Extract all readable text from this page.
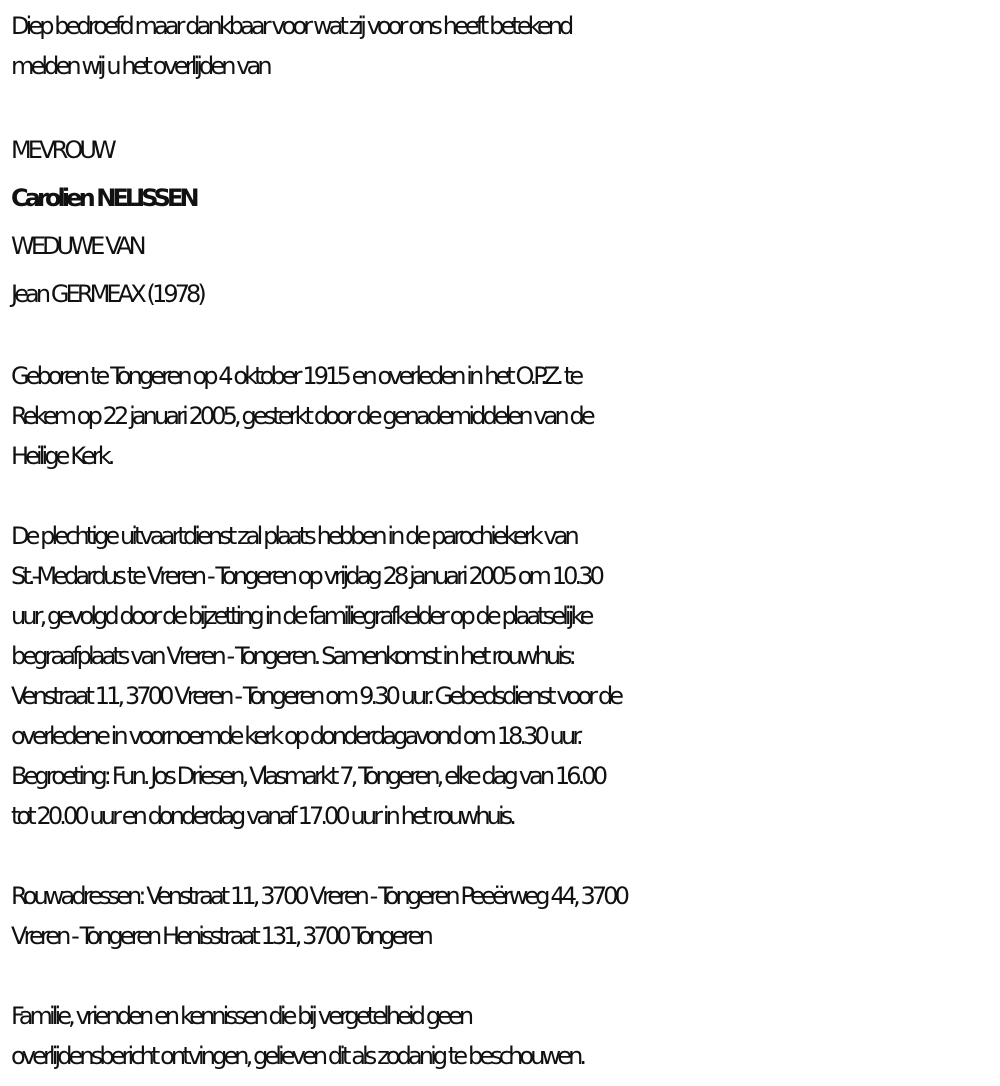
Diep bedroefd maar dankbaar voor wat zij voor ons heeft betekend
melden wij u het overlijden van
MEVROUW
Carolien NELISSEN
WEDUWE VAN
Jean GERMEAX (1978)
Geboren te Tongeren op 4 oktober 1915 en overleden in het O.P.Z. te
Rekem op 22 januari 2005, gesterkt door de genademiddelen van de
Heilige Kerk.
De plechtige uitvaartdienst zal plaats hebben in de parochiekerk van
St.-Medardus te Vreren - Tongeren op vrijdag 28 januari 2005 om 10.30
uur, gevolgd door de bijzetting in de familiegrafkelder op de plaatselijke
begraafplaats van Vreren - Tongeren. Samenkomst in het rouwhuis:
Venstraat 11, 3700 Vreren - Tongeren om 9.30 uur. Gebedsdienst voor de
overledene in voornoemde kerk op donderdagavond om 18.30 uur.
Begroeting: Fun. Jos Driesen, Vlasmarkt 7, Tongeren, elke dag van 16.00
tot 20.00 uur en donderdag vanaf 17.00 uur in het rouwhuis.
Rouwadressen: Venstraat 11, 3700 Vreren - Tongeren Peeërweg 44, 3700
Vreren - Tongeren Henisstraat 131, 3700 Tongeren
Familie, vrienden en kennissen die bij vergetelheid geen
overlijdensbericht ontvingen, gelieven dit als zodanig te beschouwen.
